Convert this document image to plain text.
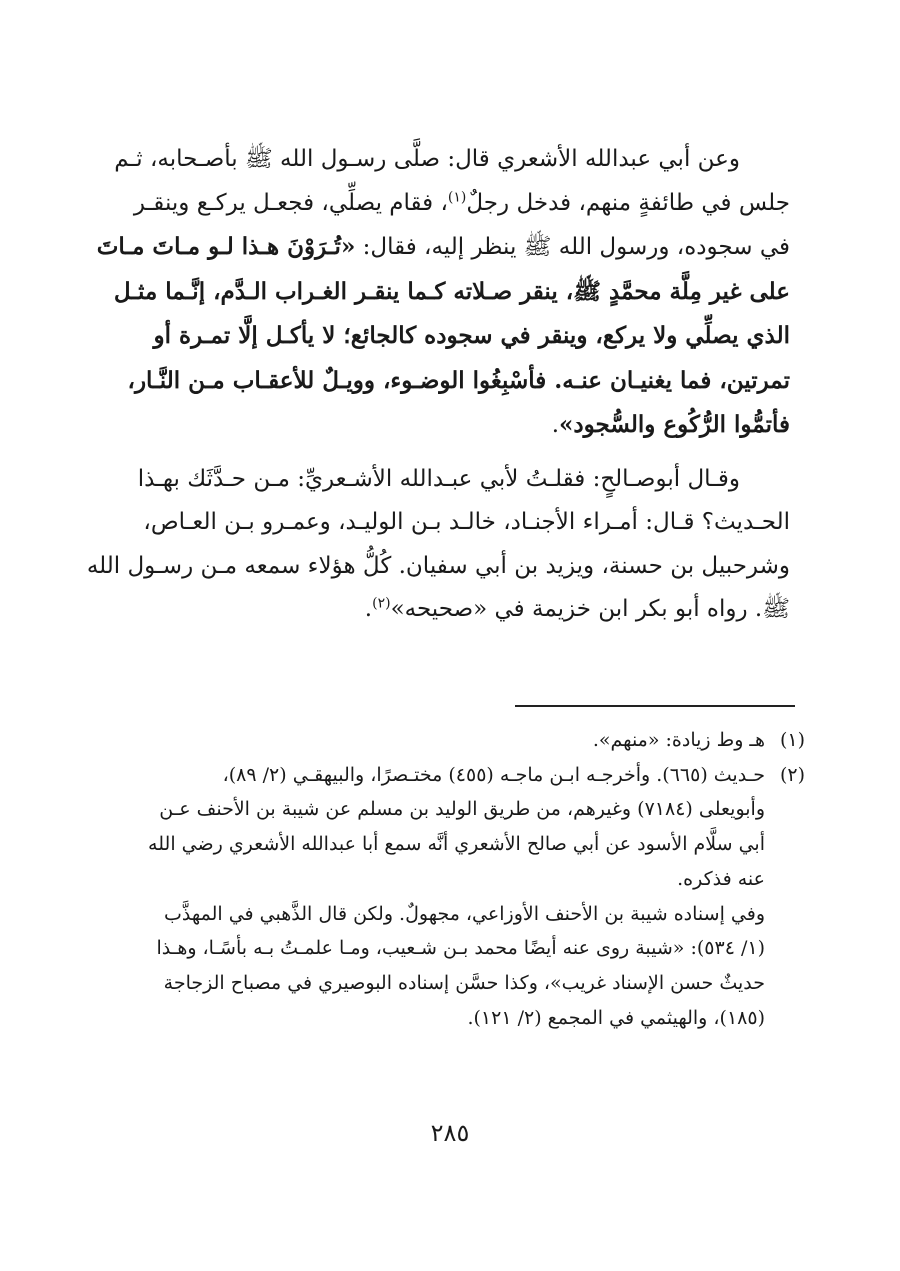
وعن أبي عبدالله الأشعري قال: صلَّى رسـول الله ﷺ بأصـحابه، ثـم
جلس في طائفةٍ منهم، فدخل رجلٌ$^{(١)}$، فقام يصلِّي، فجعـل يركـع وينقـر
في سجوده، ورسول الله ﷺ ينظر إليه، فقال: «تُـرَوْنَ هـذا لـو مـاتَ مـاتَ
على غير مِلَّة محمَّدٍ ﷺ، ينقر صـلاته كـما ينقـر الغـراب الـدَّم، إنَّـما مثـل
الذي يصلِّي ولا يركع، وينقر في سجوده كالجائع؛ لا يأكـل إلَّا تمـرة أو
تمرتين، فما يغنيـان عنـه. فأسْبِغُوا الوضـوء، وويـلٌ للأعقـاب مـن النَّـار،
فأتمُّوا الرُّكُوع والسُّجود».

وقـال أبوصـالحٍ: فقلـتُ لأبي عبـدالله الأشـعريِّ: مـن حـدَّثَك بهـذا
الحـديث؟ قـال: أمـراء الأجنـاد، خالـد بـن الوليـد، وعمـرو بـن العـاص،
وشرحبيل بن حسنة، ويزيد بن أبي سفيان. كُلُّ هؤلاء سمعه مـن رسـول الله
ﷺ. رواه أبو بكر ابن خزيمة في «صحيحه»$^{(٢)}$.

(١)
هـ وط زيادة: «منهم».
(٢)
حـديث (٦٦٥). وأخرجـه ابـن ماجـه (٤٥٥) مختـصرًا، والبيهقـي (٢/ ٨٩)،
وأبويعلى (٧١٨٤) وغيرهم، من طريق الوليد بن مسلم عن شيبة بن الأحنف عـن
أبي سلَّام الأسود عن أبي صالح الأشعري أنَّه سمع أبا عبدالله الأشعري رضي الله
عنه فذكره.
وفي إسناده شيبة بن الأحنف الأوزاعي، مجهولٌ. ولكن قال الذَّهبي في المهذَّب
(١/ ٥٣٤): «شيبة روى عنه أيضًا محمد بـن شـعيب، ومـا علمـتُ بـه بأسًـا، وهـذا
حديثٌ حسن الإسناد غريب»، وكذا حسَّن إسناده البوصيري في مصباح الزجاجة
(١٨٥)، والهيثمي في المجمع (٢/ ١٢١).
٢٨٥
